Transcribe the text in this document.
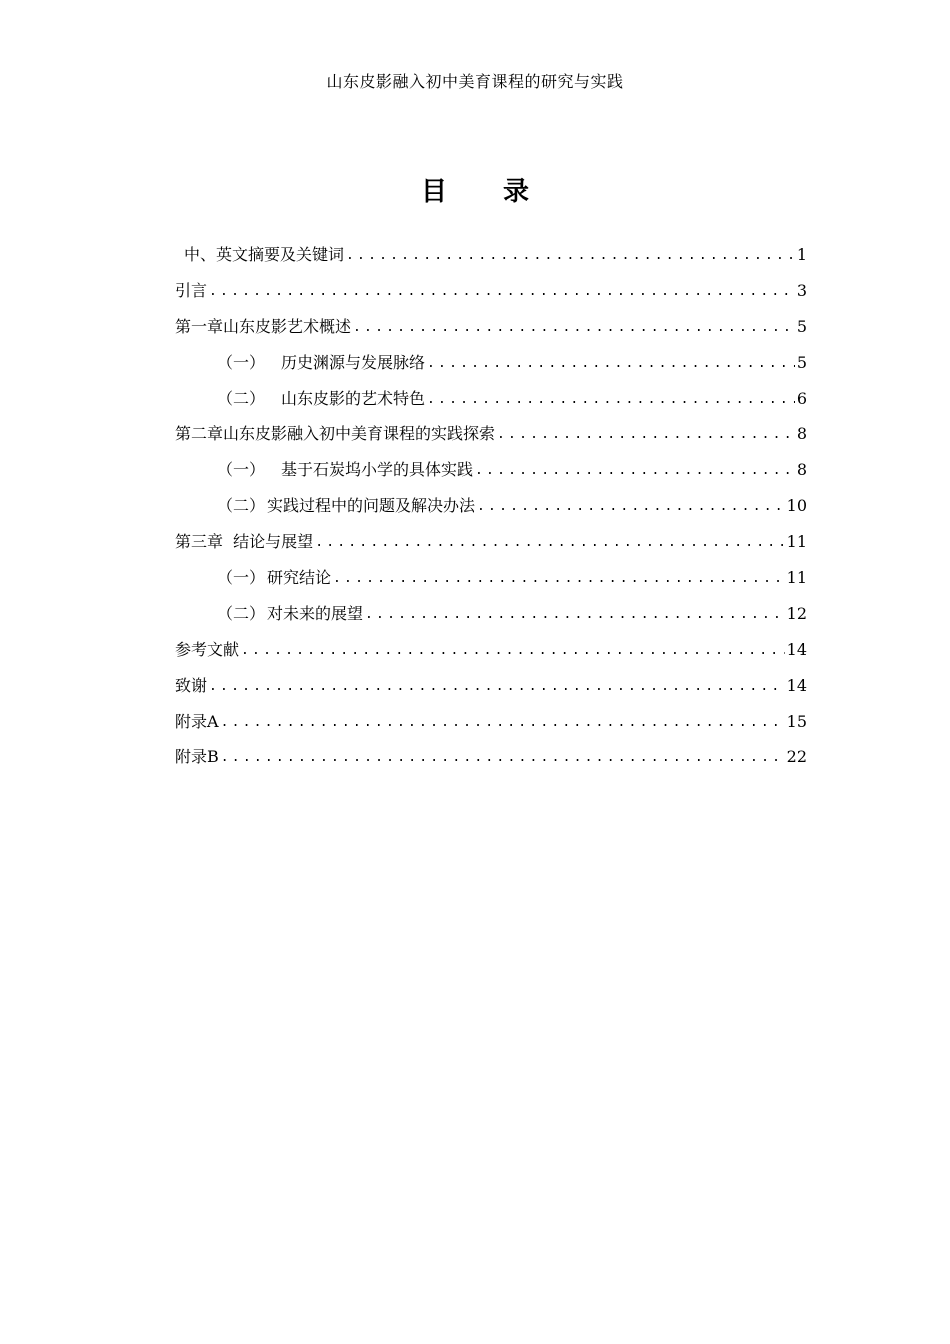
山东皮影融入初中美育课程的研究与实践
目 录
中、英文摘要及关键词 .....	1
引言 .....	3
第一章山东皮影艺术概述 .....	5
（一） 历史渊源与发展脉络 .....	5
（二） 山东皮影的艺术特色 .....	6
第二章山东皮影融入初中美育课程的实践探索 .....	8
（一） 基于石炭坞小学的具体实践 .....	8
（二） 实践过程中的问题及解决办法 .....	10
第三章  结论与展望 .....	11
（一） 研究结论 .....	11
（二） 对未来的展望 .....	12
参考文献 .....	14
致谢 .....	14
附录A .....	15
附录B .....	22
